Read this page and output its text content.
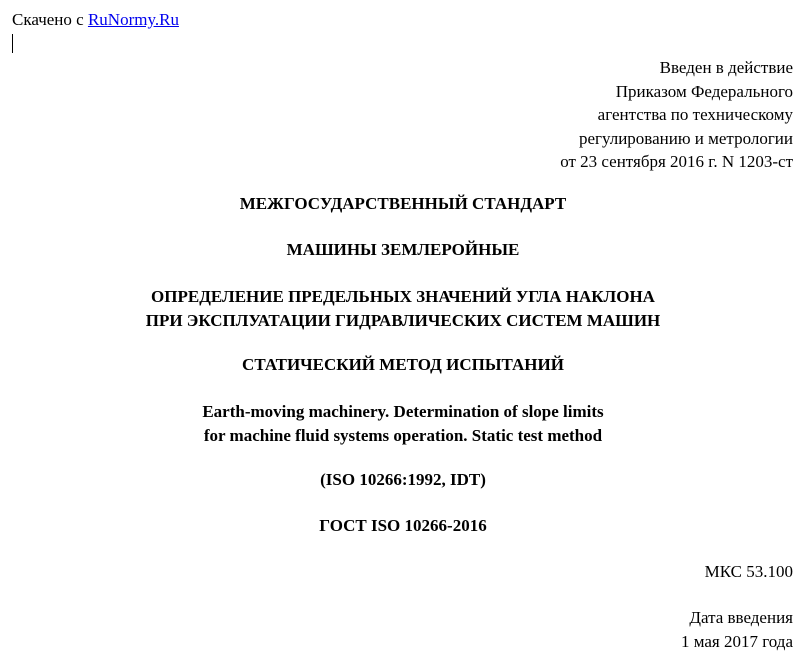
Скачено с RuNormy.Ru
Введен в действие
Приказом Федерального
агентства по техническому
регулированию и метрологии
от 23 сентября 2016 г. N 1203-ст
МЕЖГОСУДАРСТВЕННЫЙ СТАНДАРТ
МАШИНЫ ЗЕМЛЕРОЙНЫЕ
ОПРЕДЕЛЕНИЕ ПРЕДЕЛЬНЫХ ЗНАЧЕНИЙ УГЛА НАКЛОНА
ПРИ ЭКСПЛУАТАЦИИ ГИДРАВЛИЧЕСКИХ СИСТЕМ МАШИН
СТАТИЧЕСКИЙ МЕТОД ИСПЫТАНИЙ
Earth-moving machinery. Determination of slope limits
for machine fluid systems operation. Static test method
(ISO 10266:1992, IDT)
ГОСТ ISO 10266-2016
МКС 53.100
Дата введения
1 мая 2017 года
